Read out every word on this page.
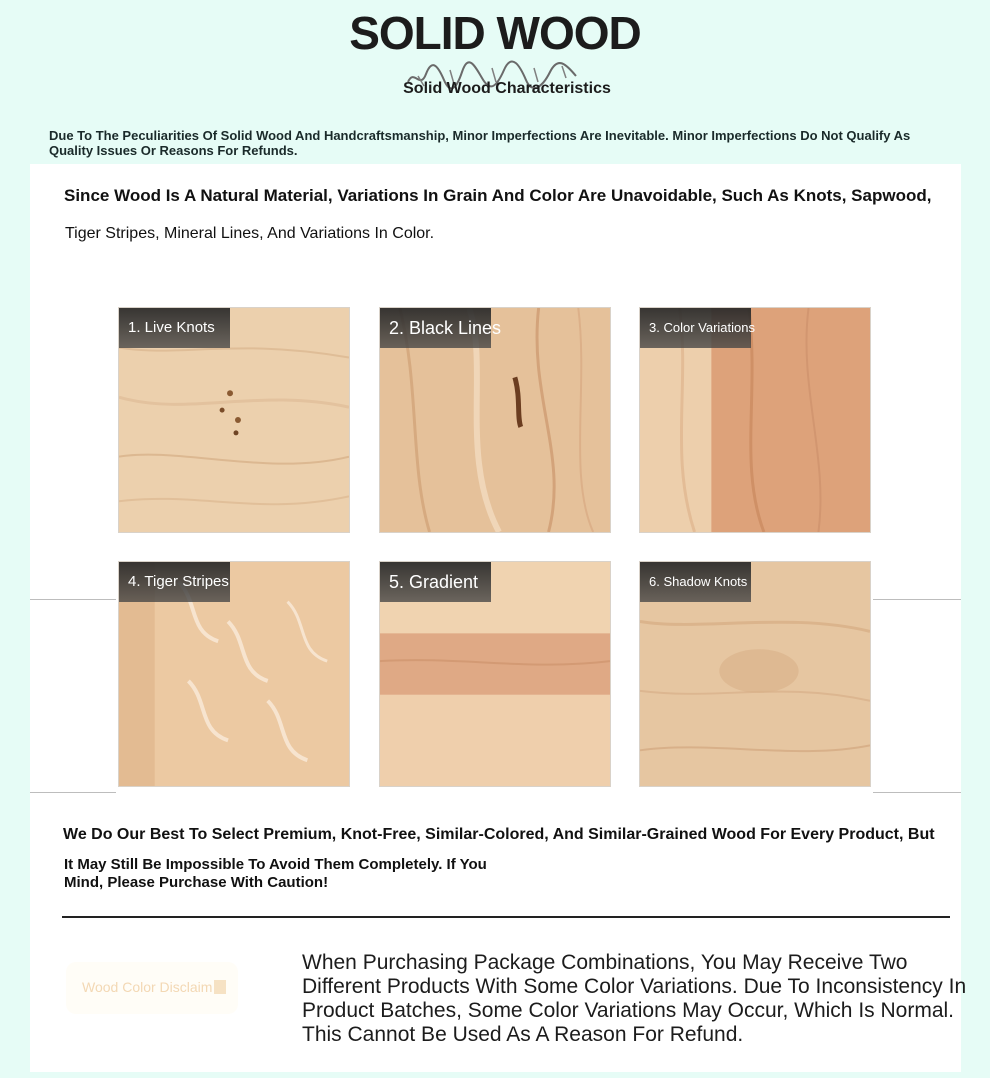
SOLID WOOD
Solid Wood Characteristics
Due To The Peculiarities Of Solid Wood And Handcraftsmanship, Minor Imperfections Are Inevitable. Minor Imperfections Do Not Qualify As Quality Issues Or Reasons For Refunds.
Since Wood Is A Natural Material, Variations In Grain And Color Are Unavoidable, Such As Knots, Sapwood,
Tiger Stripes, Mineral Lines, And Variations In Color.
1. Live Knots	2. Black Lines	3. Color Variations
4. Tiger Stripes	5. Gradient	6. Shadow Knots
We Do Our Best To Select Premium, Knot-Free, Similar-Colored, And Similar-Grained Wood For Every Product, But
It May Still Be Impossible To Avoid Them Completely. If You Mind, Please Purchase With Caution!
Wood Color Disclaim
When Purchasing Package Combinations, You May Receive Two Different Products With Some Color Variations. Due To Inconsistency In Product Batches, Some Color Variations May Occur, Which Is Normal. This Cannot Be Used As A Reason For Refund.
